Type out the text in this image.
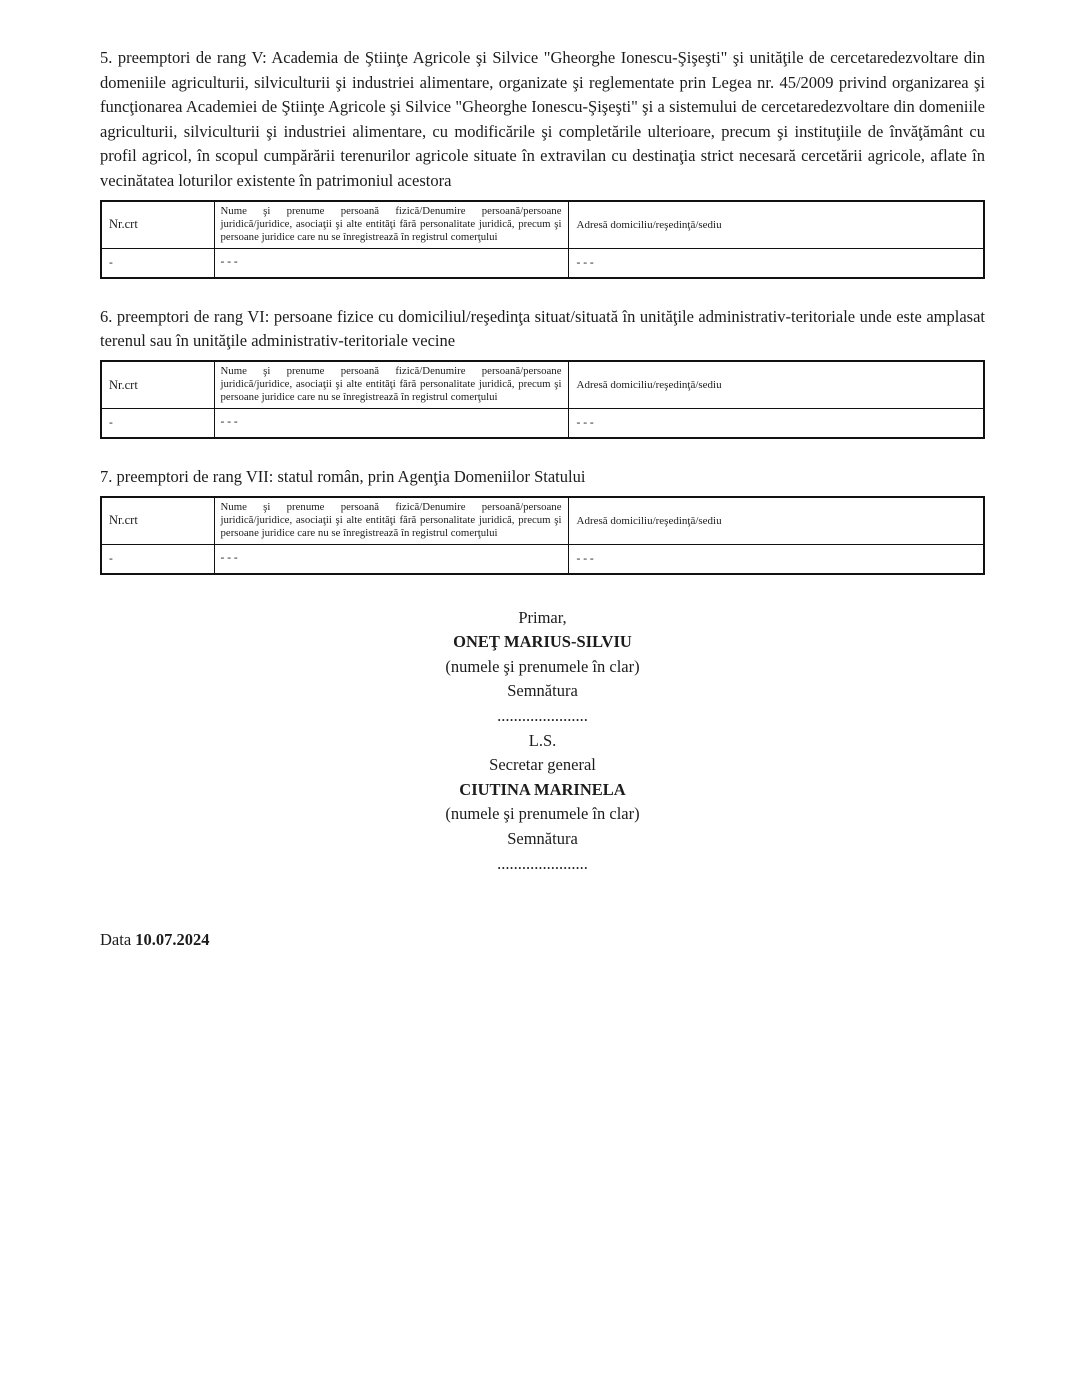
5. preemptori de rang V: Academia de Ştiinţe Agricole şi Silvice "Gheorghe Ionescu-Şişeşti" şi unităţile de cercetaredezvoltare din domeniile agriculturii, silviculturii şi industriei alimentare, organizate şi reglementate prin Legea nr. 45/2009 privind organizarea şi funcţionarea Academiei de Ştiinţe Agricole şi Silvice "Gheorghe Ionescu-Şişeşti" şi a sistemului de cercetaredezvoltare din domeniile agriculturii, silviculturii şi industriei alimentare, cu modificările şi completările ulterioare, precum şi instituţiile de învăţământ cu profil agricol, în scopul cumpărării terenurilor agricole situate în extravilan cu destinaţia strict necesară cercetării agricole, aflate în vecinătatea loturilor existente în patrimoniul acestora

Nr.crt	Nume şi prenume persoană fizică/Denumire persoană/persoane juridică/juridice, asociaţii şi alte entităţi fără personalitate juridică, precum şi persoane juridice care nu se înregistrează în registrul comerţului	Adresă domiciliu/reşedinţă/sediu
-	- - -	- - -

6. preemptori de rang VI: persoane fizice cu domiciliul/reşedinţa situat/situată în unităţile administrativ-teritoriale unde este amplasat terenul sau în unităţile administrativ-teritoriale vecine

Nr.crt	Nume şi prenume persoană fizică/Denumire persoană/persoane juridică/juridice, asociaţii şi alte entităţi fără personalitate juridică, precum şi persoane juridice care nu se înregistrează în registrul comerţului	Adresă domiciliu/reşedinţă/sediu
-	- - -	- - -

7. preemptori de rang VII: statul român, prin Agenţia Domeniilor Statului

Nr.crt	Nume şi prenume persoană fizică/Denumire persoană/persoane juridică/juridice, asociaţii şi alte entităţi fără personalitate juridică, precum şi persoane juridice care nu se înregistrează în registrul comerţului	Adresă domiciliu/reşedinţă/sediu
-	- - -	- - -
Primar,
ONEŢ MARIUS-SILVIU
(numele şi prenumele în clar)
Semnătura
......................
L.S.
Secretar general
CIUTINA MARINELA
(numele şi prenumele în clar)
Semnătura
......................

Data 10.07.2024
